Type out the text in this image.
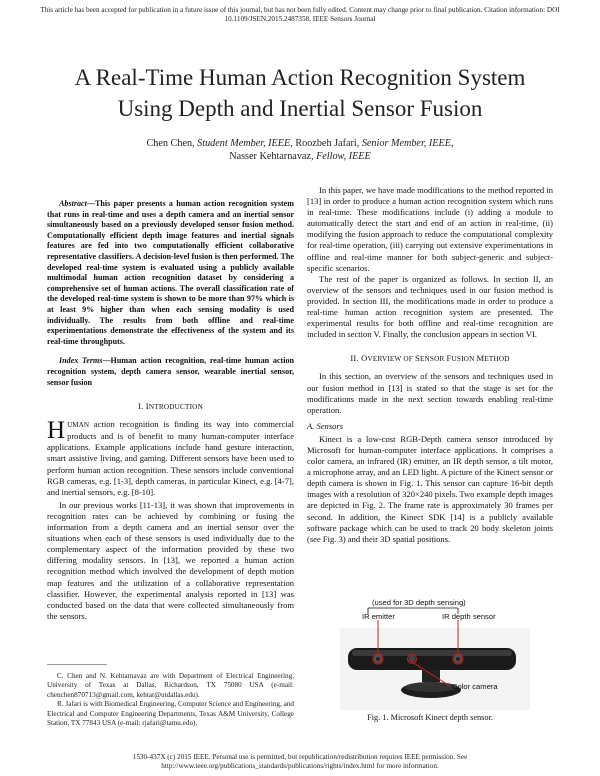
This article has been accepted for publication in a future issue of this journal, but has not been fully edited. Content may change prior to final publication. Citation information: DOI
10.1109/JSEN.2015.2487358, IEEE Sensors Journal
A Real-Time Human Action Recognition System
Using Depth and Inertial Sensor Fusion
Chen Chen, Student Member, IEEE, Roozbeh Jafari, Senior Member, IEEE,
Nasser Kehtarnavaz, Fellow, IEEE

Abstract—This paper presents a human action recognition system that runs in real-time and uses a depth camera and an inertial sensor simultaneously based on a previously developed sensor fusion method. Computationally efficient depth image features and inertial signals features are fed into two computationally efficient collaborative representative classifiers. A decision-level fusion is then performed. The developed real-time system is evaluated using a publicly available multimodal human action recognition dataset by considering a comprehensive set of human actions. The overall classification rate of the developed real-time system is shown to be more than 97% which is at least 9% higher than when each sensing modality is used individually. The results from both offline and real-time experimentations demonstrate the effectiveness of the system and its real-time throughputs.

Index Terms—Human action recognition, real-time human action recognition system, depth camera sensor, wearable inertial sensor, sensor fusion

I. INTRODUCTION

HUMAN action recognition is finding its way into commercial products and is of benefit to many human-computer interface applications. Example applications include hand gesture interaction, smart assistive living, and gaming. Different sensors have been used to perform human action recognition. These sensors include conventional RGB cameras, e.g. [1-3], depth cameras, in particular Kinect, e.g. [4-7], and inertial sensors, e.g. [8-10].

In our previous works [11-13], it was shown that improvements in recognition rates can be achieved by combining or fusing the information from a depth camera and an inertial sensor over the situations when each of these sensors is used individually due to the complementary aspect of the information provided by these two differing modality sensors. In [13], we reported a human action recognition method which involved the development of depth motion map features and the utilization of a collaborative representation classifier. However, the experimental analysis reported in [13] was conducted based on the data that were collected simultaneously from the sensors.

C. Chen and N. Kehtarnavaz are with Department of Electrical Engineering, University of Texas at Dallas, Richardson, TX 75080 USA (e-mail: chenchen870713@gmail.com, kehtar@utdallas.edu).

R. Jafari is with Biomedical Engineering, Computer Science and Engineering, and Electrical and Computer Engineering Departments, Texas A&M University, College Station, TX 77843 USA (e-mail: rjafari@tamu.edu).

In this paper, we have made modifications to the method reported in [13] in order to produce a human action recognition system which runs in real-time. These modifications include (i) adding a module to automatically detect the start and end of an action in real-time, (ii) modifying the fusion approach to reduce the computational complexity for real-time operation, (iii) carrying out extensive experimentations in offline and real-time manner for both subject-generic and subject-specific scenarios.

The rest of the paper is organized as follows. In section II, an overview of the sensors and techniques used in our fusion method is provided. In section III, the modifications made in order to produce a real-time human action recognition system are presented. The experimental results for both offline and real-time recognition are included in section V. Finally, the conclusion appears in section VI.

II. OVERVIEW OF SENSOR FUSION METHOD

In this section, an overview of the sensors and techniques used in our fusion method in [13] is stated so that the stage is set for the modifications made in the next section towards enabling real-time operation.

A. Sensors

Kinect is a low-cost RGB-Depth camera sensor introduced by Microsoft for human-computer interface applications. It comprises a color camera, an infrared (IR) emitter, an IR depth sensor, a tilt motor, a microphone array, and an LED light. A picture of the Kinect sensor or depth camera is shown in Fig. 1. This sensor can capture 16-bit depth images with a resolution of 320×240 pixels. Two example depth images are depicted in Fig. 2. The frame rate is approximately 30 frames per second. In addition, the Kinect SDK [14] is a publicly available software package which can be used to track 20 body skeleton joints (see Fig. 3) and their 3D spatial positions.

(used for 3D depth sensing)
IR emitter	IR depth sensor
Color camera
Fig. 1. Microsoft Kinect depth sensor.
1530-437X (c) 2015 IEEE. Personal use is permitted, but republication/redistribution requires IEEE permission. See
http://www.ieee.org/publications_standards/publications/rights/index.html for more information.
